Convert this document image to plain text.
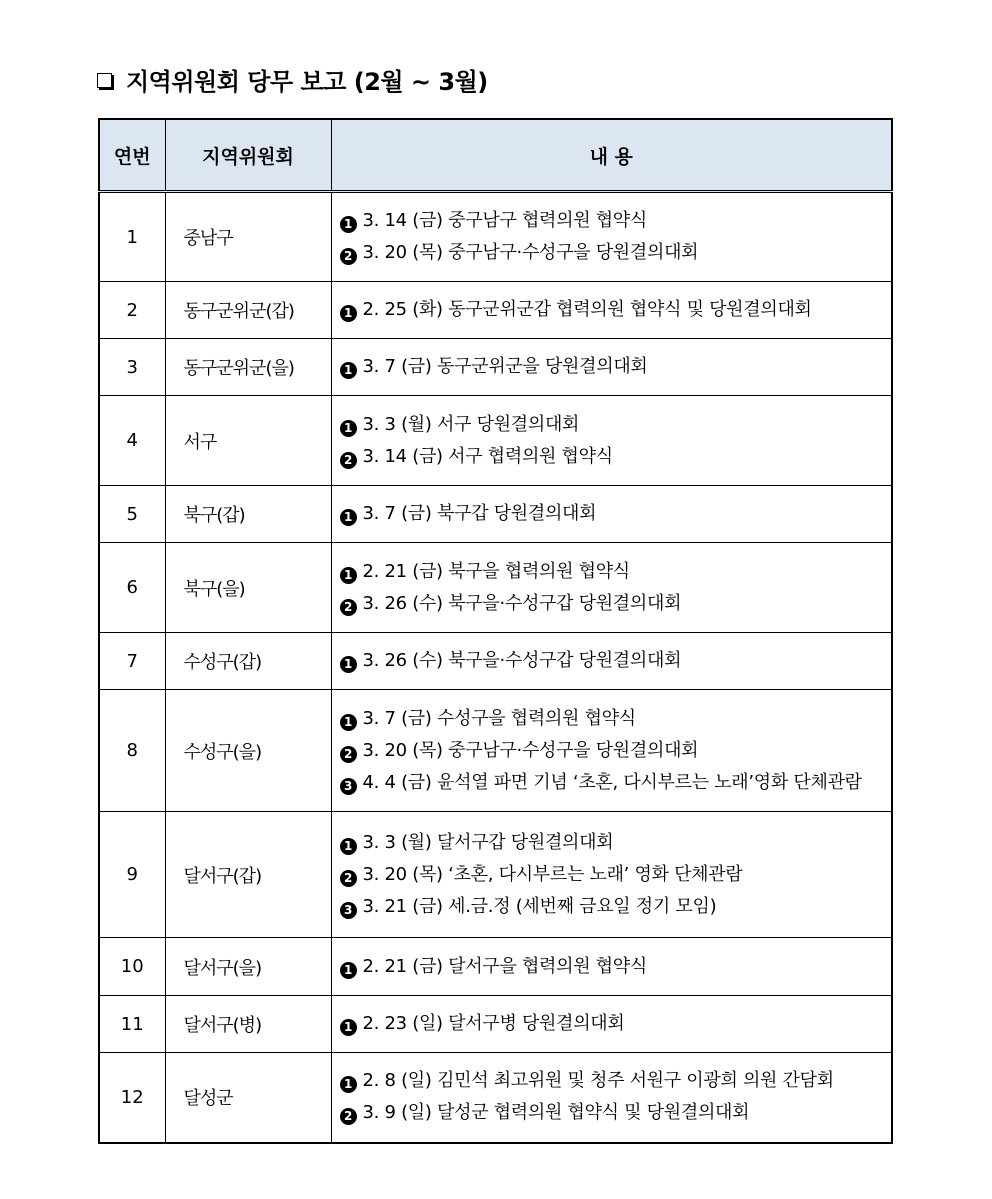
지역위원회 당무 보고 (2월 ~ 3월)
연번	지역위원회	내 용
1	중남구	1 3. 14 (금) 중구남구 협력의원 협약식
2 3. 20 (목) 중구남구·수성구을 당원결의대회

2	동구군위군(갑)	1 2. 25 (화) 동구군위군갑 협력의원 협약식 및 당원결의대회

3	동구군위군(을)	1 3. 7 (금) 동구군위군을 당원결의대회

4	서구	1 3. 3 (월) 서구 당원결의대회
2 3. 14 (금) 서구 협력의원 협약식

5	북구(갑)	1 3. 7 (금) 북구갑 당원결의대회

6	북구(을)	1 2. 21 (금) 북구을 협력의원 협약식
2 3. 26 (수) 북구을·수성구갑 당원결의대회

7	수성구(갑)	1 3. 26 (수) 북구을·수성구갑 당원결의대회

8	수성구(을)	1 3. 7 (금) 수성구을 협력의원 협약식
2 3. 20 (목) 중구남구·수성구을 당원결의대회
3 4. 4 (금) 윤석열 파면 기념 ‘초혼, 다시부르는 노래’영화 단체관람

9	달서구(갑)	1 3. 3 (월) 달서구갑 당원결의대회
2 3. 20 (목) ‘초혼, 다시부르는 노래’ 영화 단체관람
3 3. 21 (금) 세.금.정 (세번째 금요일 정기 모임)

10	달서구(을)	1 2. 21 (금) 달서구을 협력의원 협약식

11	달서구(병)	1 2. 23 (일) 달서구병 당원결의대회

12	달성군	1 2. 8 (일) 김민석 최고위원 및 청주 서원구 이광희 의원 간담회
2 3. 9 (일) 달성군 협력의원 협약식 및 당원결의대회
